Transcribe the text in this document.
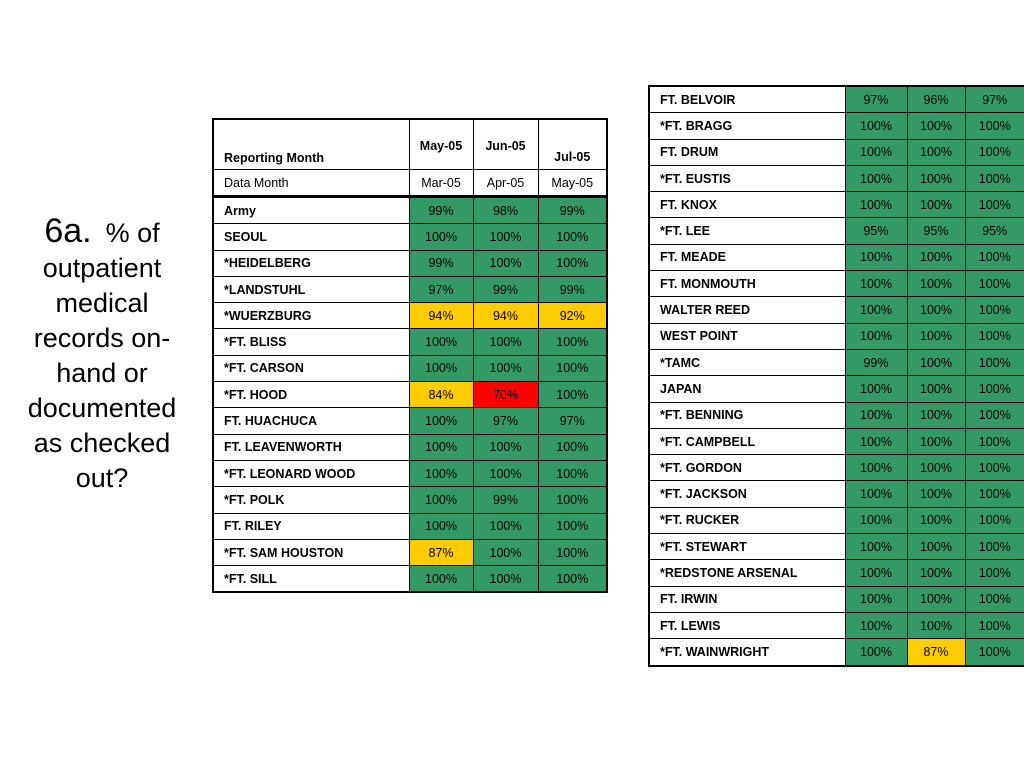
6a. % of outpatient medical records on-hand or documented as checked out?
Reporting Month	May-05	Jun-05	Jul-05
Data Month	Mar-05	Apr-05	May-05
Army	99%	98%	99%
SEOUL	100%	100%	100%
*HEIDELBERG	99%	100%	100%
*LANDSTUHL	97%	99%	99%
*WUERZBURG	94%	94%	92%
*FT. BLISS	100%	100%	100%
*FT. CARSON	100%	100%	100%
*FT. HOOD	84%	70%	100%
FT. HUACHUCA	100%	97%	97%
FT. LEAVENWORTH	100%	100%	100%
*FT. LEONARD WOOD	100%	100%	100%
*FT. POLK	100%	99%	100%
FT. RILEY	100%	100%	100%
*FT. SAM HOUSTON	87%	100%	100%
*FT. SILL	100%	100%	100%
FT. BELVOIR	97%	96%	97%
*FT. BRAGG	100%	100%	100%
FT. DRUM	100%	100%	100%
*FT. EUSTIS	100%	100%	100%
FT. KNOX	100%	100%	100%
*FT. LEE	95%	95%	95%
FT. MEADE	100%	100%	100%
FT. MONMOUTH	100%	100%	100%
WALTER REED	100%	100%	100%
WEST POINT	100%	100%	100%
*TAMC	99%	100%	100%
JAPAN	100%	100%	100%
*FT. BENNING	100%	100%	100%
*FT. CAMPBELL	100%	100%	100%
*FT. GORDON	100%	100%	100%
*FT. JACKSON	100%	100%	100%
*FT. RUCKER	100%	100%	100%
*FT. STEWART	100%	100%	100%
*REDSTONE ARSENAL	100%	100%	100%
FT. IRWIN	100%	100%	100%
FT. LEWIS	100%	100%	100%
*FT. WAINWRIGHT	100%	87%	100%
